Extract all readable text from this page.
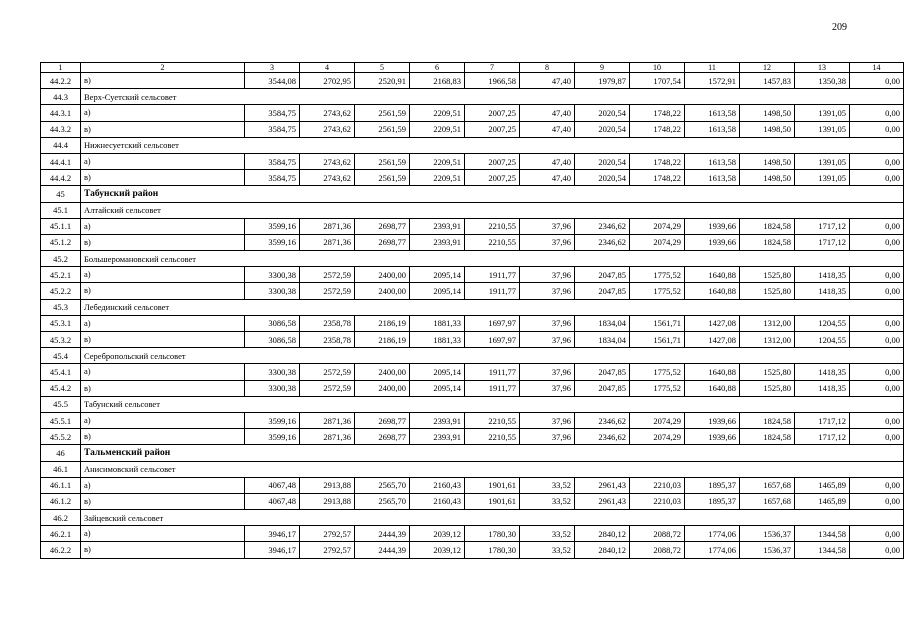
209
1	2	3	4	5	6	7	8	9	10	11	12	13	14
44.2.2	в)	3544,08	2702,95	2520,91	2168,83	1966,58	47,40	1979,87	1707,54	1572,91	1457,83	1350,38	0,00
44.3	Верх-Суетский сельсовет												
44.3.1	а)	3584,75	2743,62	2561,59	2209,51	2007,25	47,40	2020,54	1748,22	1613,58	1498,50	1391,05	0,00
44.3.2	в)	3584,75	2743,62	2561,59	2209,51	2007,25	47,40	2020,54	1748,22	1613,58	1498,50	1391,05	0,00
44.4	Нижнесуетский сельсовет												
44.4.1	а)	3584,75	2743,62	2561,59	2209,51	2007,25	47,40	2020,54	1748,22	1613,58	1498,50	1391,05	0,00
44.4.2	в)	3584,75	2743,62	2561,59	2209,51	2007,25	47,40	2020,54	1748,22	1613,58	1498,50	1391,05	0,00
45	Табунский район												
45.1	Алтайский сельсовет												
45.1.1	а)	3599,16	2871,36	2698,77	2393,91	2210,55	37,96	2346,62	2074,29	1939,66	1824,58	1717,12	0,00
45.1.2	в)	3599,16	2871,36	2698,77	2393,91	2210,55	37,96	2346,62	2074,29	1939,66	1824,58	1717,12	0,00
45.2	Большеромановский сельсовет												
45.2.1	а)	3300,38	2572,59	2400,00	2095,14	1911,77	37,96	2047,85	1775,52	1640,88	1525,80	1418,35	0,00
45.2.2	в)	3300,38	2572,59	2400,00	2095,14	1911,77	37,96	2047,85	1775,52	1640,88	1525,80	1418,35	0,00
45.3	Лебединский сельсовет												
45.3.1	а)	3086,58	2358,78	2186,19	1881,33	1697,97	37,96	1834,04	1561,71	1427,08	1312,00	1204,55	0,00
45.3.2	в)	3086,58	2358,78	2186,19	1881,33	1697,97	37,96	1834,04	1561,71	1427,08	1312,00	1204,55	0,00
45.4	Серебропольский сельсовет												
45.4.1	а)	3300,38	2572,59	2400,00	2095,14	1911,77	37,96	2047,85	1775,52	1640,88	1525,80	1418,35	0,00
45.4.2	в)	3300,38	2572,59	2400,00	2095,14	1911,77	37,96	2047,85	1775,52	1640,88	1525,80	1418,35	0,00
45.5	Табунский сельсовет												
45.5.1	а)	3599,16	2871,36	2698,77	2393,91	2210,55	37,96	2346,62	2074,29	1939,66	1824,58	1717,12	0,00
45.5.2	в)	3599,16	2871,36	2698,77	2393,91	2210,55	37,96	2346,62	2074,29	1939,66	1824,58	1717,12	0,00
46	Тальменский район												
46.1	Анисимовский сельсовет												
46.1.1	а)	4067,48	2913,88	2565,70	2160,43	1901,61	33,52	2961,43	2210,03	1895,37	1657,68	1465,89	0,00
46.1.2	в)	4067,48	2913,88	2565,70	2160,43	1901,61	33,52	2961,43	2210,03	1895,37	1657,68	1465,89	0,00
46.2	Зайцевский сельсовет												
46.2.1	а)	3946,17	2792,57	2444,39	2039,12	1780,30	33,52	2840,12	2088,72	1774,06	1536,37	1344,58	0,00
46.2.2	в)	3946,17	2792,57	2444,39	2039,12	1780,30	33,52	2840,12	2088,72	1774,06	1536,37	1344,58	0,00
